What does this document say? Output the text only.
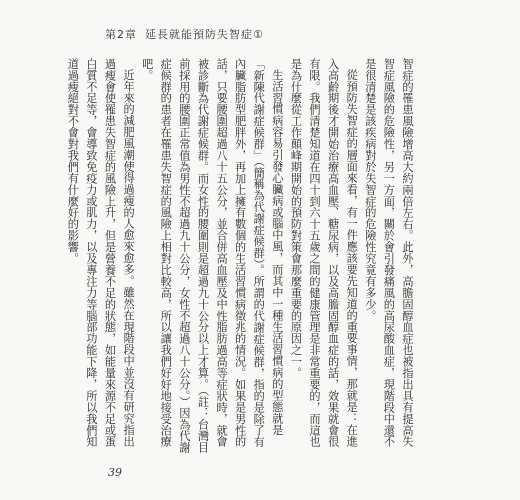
第2章 延長就能預防失智症①

智症的罹患風險增高大約兩倍左右。此外，高膽固醇血症也被指出具有提高失智症風險的危險性，另一方面，關於會引發痛風的高尿酸血症，現階段中還不是很清楚是該疾病對於失智症的危險性究竟有多少。

從預防失智症的層面來看，有一件應該要先知道的重要事情，那就是：在進入高齡期後才開始治療高血壓、糖尿病，以及高膽固醇血症的話，效果就會很有限。我們清楚知道在四十到六十五歲之間的健康管理是非常重要的，而這也是為什麼從工作顛峰期開始的預防對策會那麼重要的原因之一。

生活習慣病容易引發心臟病或腦中風，而其中一種生活習慣病的型態就是「新陳代謝症候群」（簡稱為代謝症候群）。所謂的代謝症候群，指的是除了有內臟脂肪型肥胖外，再加上擁有數個的生活習慣病徵兆的情況。如果是男性的話，只要腰圍超過八十五公分，並合併高血壓及中性脂肪過高等症狀時，就會被診斷為代謝症候群。而女性的腰圍則是超過九十公分以上才算。（註：台灣目前採用的腰圍正常值為男性不超過九十公分，女性不超過八十公分。）因為代謝症候群的患者在罹患失智症的風險上相對比較高，所以讓我們好好地接受治療吧。

近年來的減肥風潮使得過瘦的人愈來愈多。雖然在現階段中並沒有研究指出過瘦會使罹患失智症的風險上升，但是營養不足的狀態，如能量來源不足或蛋白質不足等，會導致免疫力或肌力，以及專注力等腦部功能下降，所以我們知道過瘦絕對不會對我們有什麼好的影響。

39
